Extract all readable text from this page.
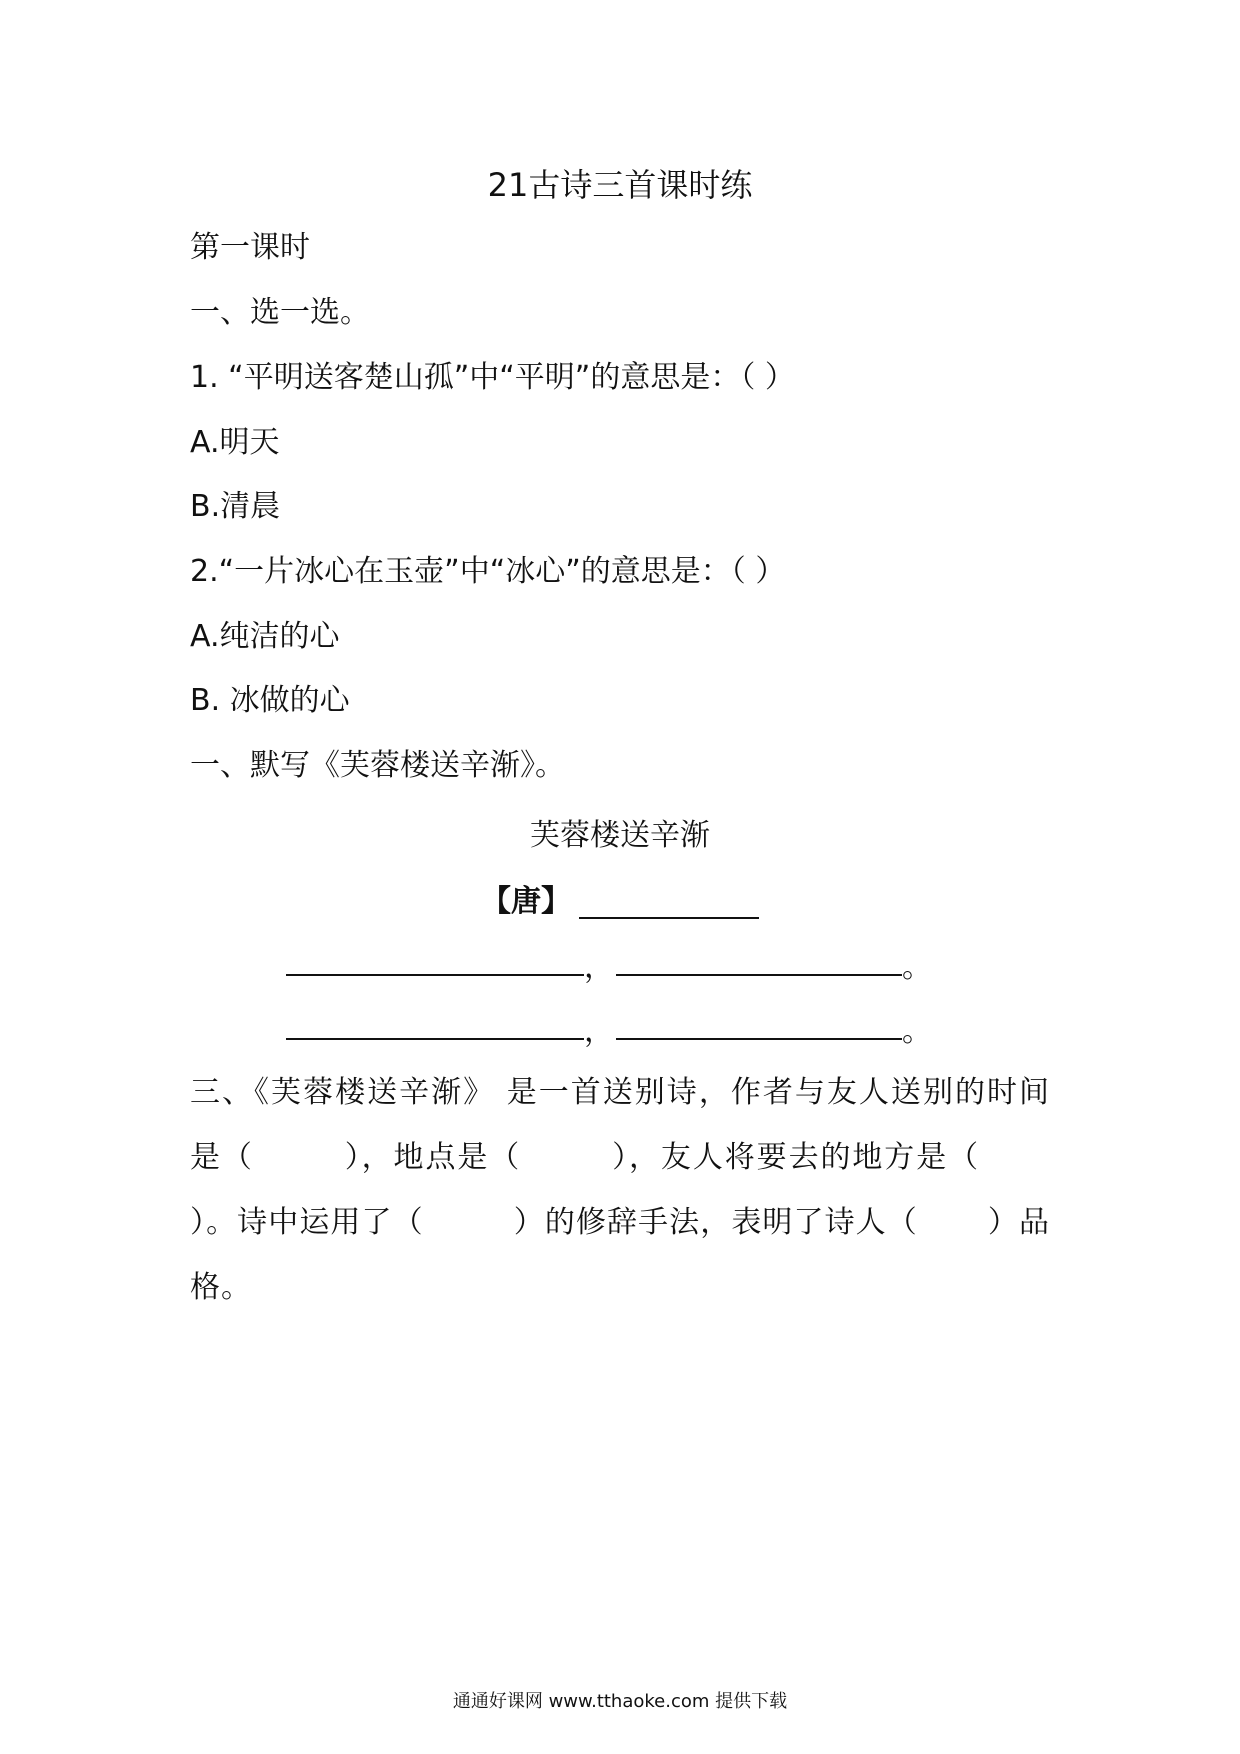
21古诗三首课时练
第一课时
一、选一选。
1. “平明送客楚山孤”中“平明”的意思是：（ ）
A.明天
B.清晨
2.“一片冰心在玉壶”中“冰心”的意思是：（ ）
A.纯洁的心
B. 冰做的心
一、默写《芙蓉楼送辛渐》。
芙蓉楼送辛渐
【唐】
，	。
，	。
三、《芙蓉楼送辛渐》 是一首送别诗，作者与友人送别的时间是（	），地点是（	），友人将要去的地方是（）。诗中运用了（	）的修辞手法，表明了诗人（ ）品格。
通通好课网 www.tthaoke.com 提供下载
